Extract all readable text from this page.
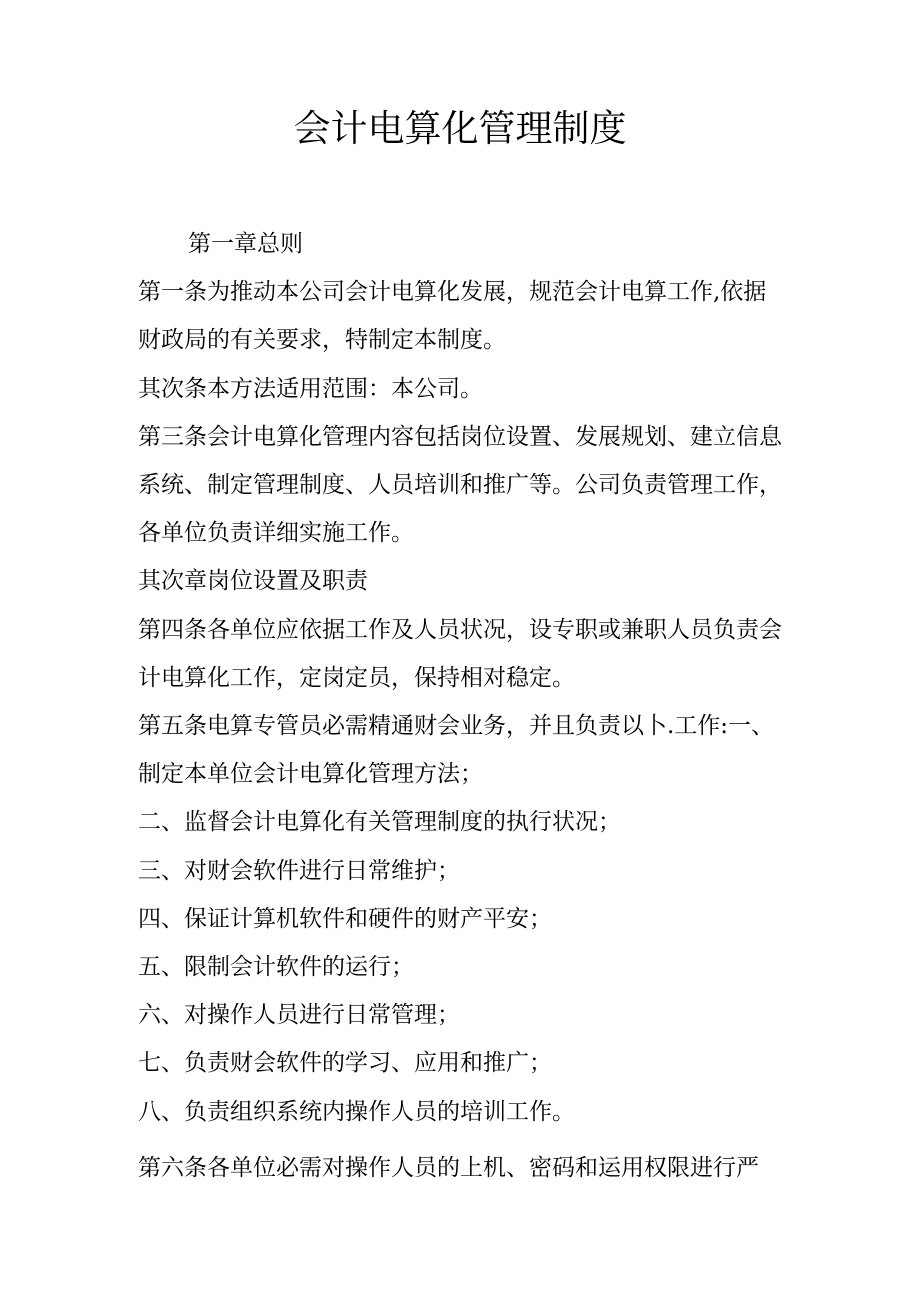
会计电算化管理制度

第一章总则

第一条为推动本公司会计电算化发展，规范会计电算工作,依据

财政局的有关要求，特制定本制度。

其次条本方法适用范围：本公司。

第三条会计电算化管理内容包括岗位设置、发展规划、建立信息

系统、制定管理制度、人员培训和推广等。公司负责管理工作，

各单位负责详细实施工作。

其次章岗位设置及职责

第四条各单位应依据工作及人员状况，设专职或兼职人员负责会

计电算化工作，定岗定员，保持相对稳定。

第五条电算专管员必需精通财会业务，并且负责以卜.工作:一、

制定本单位会计电算化管理方法；

二、监督会计电算化有关管理制度的执行状况；

三、对财会软件进行日常维护；

四、保证计算机软件和硬件的财产平安；

五、限制会计软件的运行；

六、对操作人员进行日常管理；

七、负责财会软件的学习、应用和推广；

八、负责组织系统内操作人员的培训工作。

第六条各单位必需对操作人员的上机、密码和运用权限进行严
